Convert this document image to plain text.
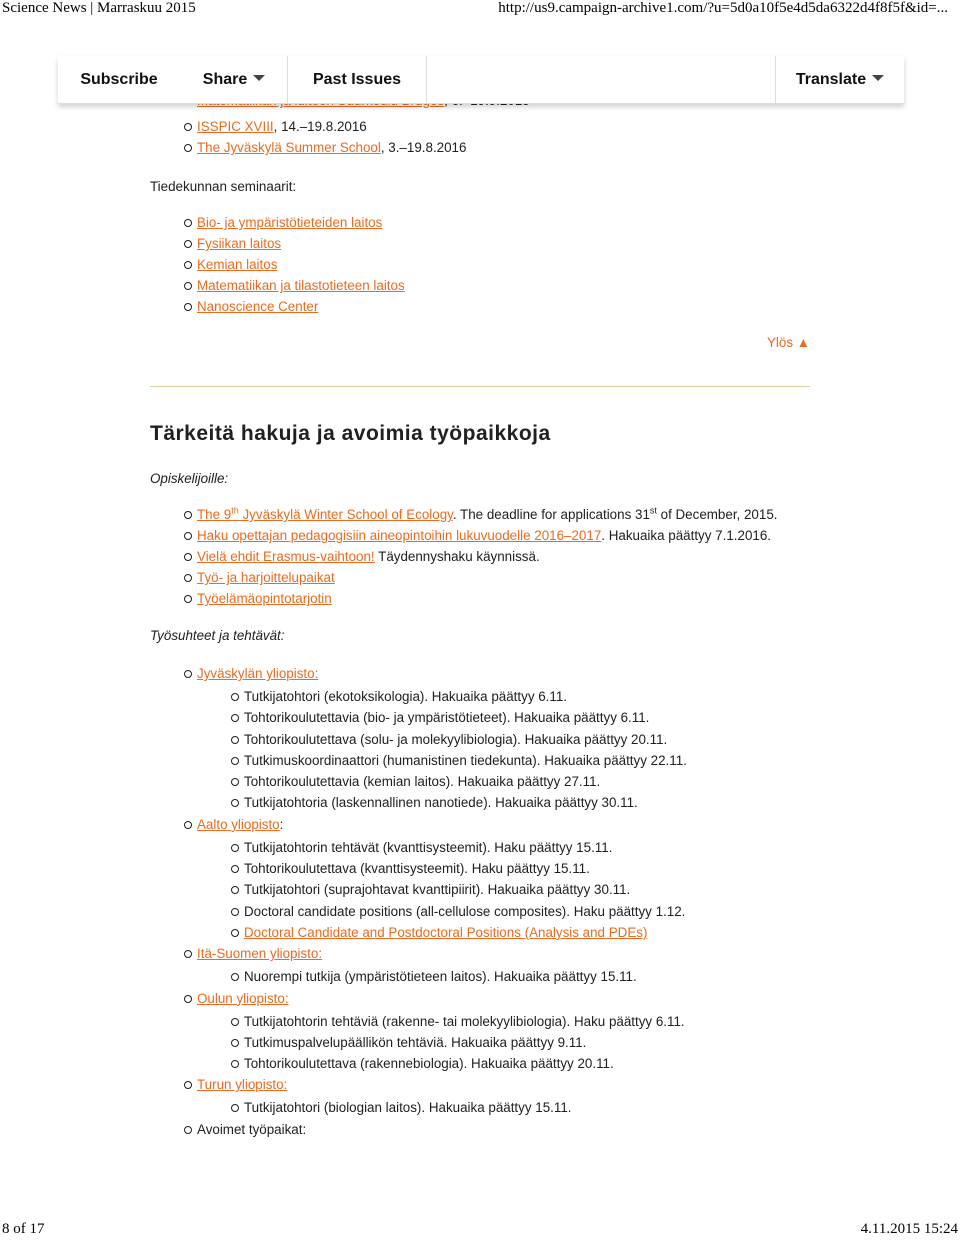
Science News | Marraskuu 2015	http://us9.campaign-archive1.com/?u=5d0a10f5e4d5da6322d4f8f5f&id=...
ISSPIC XVIII, 14.–19.8.2016
The Jyväskylä Summer School, 3.–19.8.2016

Tiedekunnan seminaarit:

Bio- ja ympäristötieteiden laitos
Fysiikan laitos
Kemian laitos
Matematiikan ja tilastotieteen laitos
Nanoscience Center
Ylös ▲
Tärkeitä hakuja ja avoimia työpaikkoja

Opiskelijoille:

The 9th Jyväskylä Winter School of Ecology. The deadline for applications 31st of December, 2015.
Haku opettajan pedagogisiin aineopintoihin lukuvuodelle 2016–2017. Hakuaika päättyy 7.1.2016.
Vielä ehdit Erasmus-vaihtoon! Täydennyshaku käynnissä.
Työ- ja harjoittelupaikat
Työelämäopintotarjotin

Työsuhteet ja tehtävät:

Jyväskylän yliopisto:
Tutkijatohtori (ekotoksikologia). Hakuaika päättyy 6.11.
Tohtorikoulutettavia (bio- ja ympäristötieteet). Hakuaika päättyy 6.11.
Tohtorikoulutettava (solu- ja molekyylibiologia). Hakuaika päättyy 20.11.
Tutkimuskoordinaattori (humanistinen tiedekunta). Hakuaika päättyy 22.11.
Tohtorikoulutettavia (kemian laitos). Hakuaika päättyy 27.11.
Tutkijatohtoria (laskennallinen nanotiede). Hakuaika päättyy 30.11.
Aalto yliopisto:
Tutkijatohtorin tehtävät (kvanttisysteemit). Haku päättyy 15.11.
Tohtorikoulutettava (kvanttisysteemit). Haku päättyy 15.11.
Tutkijatohtori (suprajohtavat kvanttipiirit). Hakuaika päättyy 30.11.
Doctoral candidate positions (all-cellulose composites). Haku päättyy 1.12.
Doctoral Candidate and Postdoctoral Positions (Analysis and PDEs)
Itä-Suomen yliopisto:
Nuorempi tutkija (ympäristötieteen laitos). Hakuaika päättyy 15.11.
Oulun yliopisto:
Tutkijatohtorin tehtäviä (rakenne- tai molekyylibiologia). Haku päättyy 6.11.
Tutkimuspalvelupäällikön tehtäviä. Hakuaika päättyy 9.11.
Tohtorikoulutettava (rakennebiologia). Hakuaika päättyy 20.11.
Turun yliopisto:
Tutkijatohtori (biologian laitos). Hakuaika päättyy 15.11.
Avoimet työpaikat:
Subscribe	Share	Past Issues	Translate
8 of 17	4.11.2015 15:24
